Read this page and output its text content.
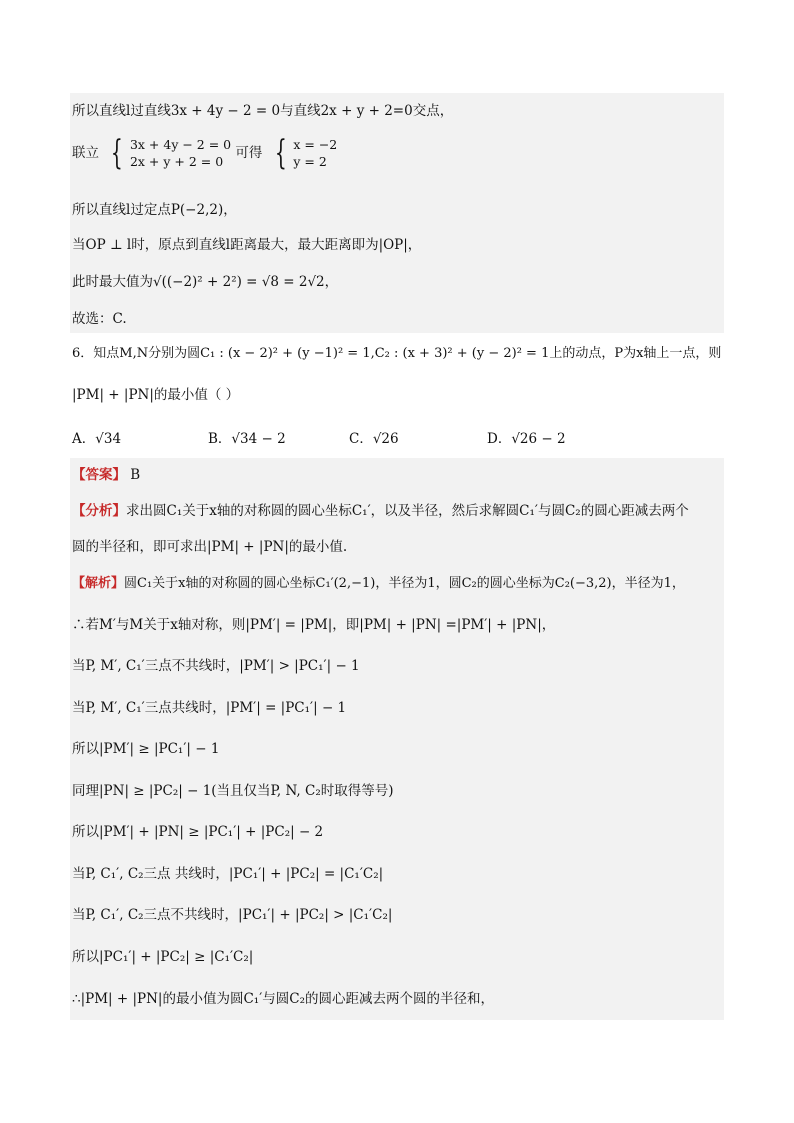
所以直线l过直线3x + 4y − 2 = 0与直线2x + y + 2=0交点，
联立 { 3x + 4y − 2 = 0
2x + y + 2 = 0
可得 { x = −2
y = 2
所以直线l过定点P(−2,2)，
当OP ⊥ l时，原点到直线l距离最大，最大距离即为|OP|，
此时最大值为√((−2)² + 2²) = √8 = 2√2，
故选：C.
6．知点M,N分别为圆C₁ : (x − 2)² + (y −1)² = 1,C₂ : (x + 3)² + (y − 2)² = 1上的动点，P为x轴上一点，则
|PM| + |PN|的最小值（ ）
A．√34	B．√34 − 2	C．√26	D．√26 − 2
【答案】 B
【分析】求出圆C₁关于x轴的对称圆的圆心坐标C₁′，以及半径，然后求解圆C₁′与圆C₂的圆心距减去两个
圆的半径和，即可求出|PM| + |PN|的最小值.
【解析】圆C₁关于x轴的对称圆的圆心坐标C₁′(2,−1)，半径为1，圆C₂的圆心坐标为C₂(−3,2)，半径为1，
∴若M′与M关于x轴对称，则|PM′| = |PM|，即|PM| + |PN| =|PM′| + |PN|，
当P, M′, C₁′三点不共线时，|PM′| > |PC₁′| − 1
当P, M′, C₁′三点共线时，|PM′| = |PC₁′| − 1
所以|PM′| ≥ |PC₁′| − 1
同理|PN| ≥ |PC₂| − 1(当且仅当P, N, C₂时取得等号)
所以|PM′| + |PN| ≥ |PC₁′| + |PC₂| − 2
当P, C₁′, C₂三点 共线时，|PC₁′| + |PC₂| = |C₁′C₂|
当P, C₁′, C₂三点不共线时，|PC₁′| + |PC₂| > |C₁′C₂|
所以|PC₁′| + |PC₂| ≥ |C₁′C₂|
∴|PM| + |PN|的最小值为圆C₁′与圆C₂的圆心距减去两个圆的半径和，
